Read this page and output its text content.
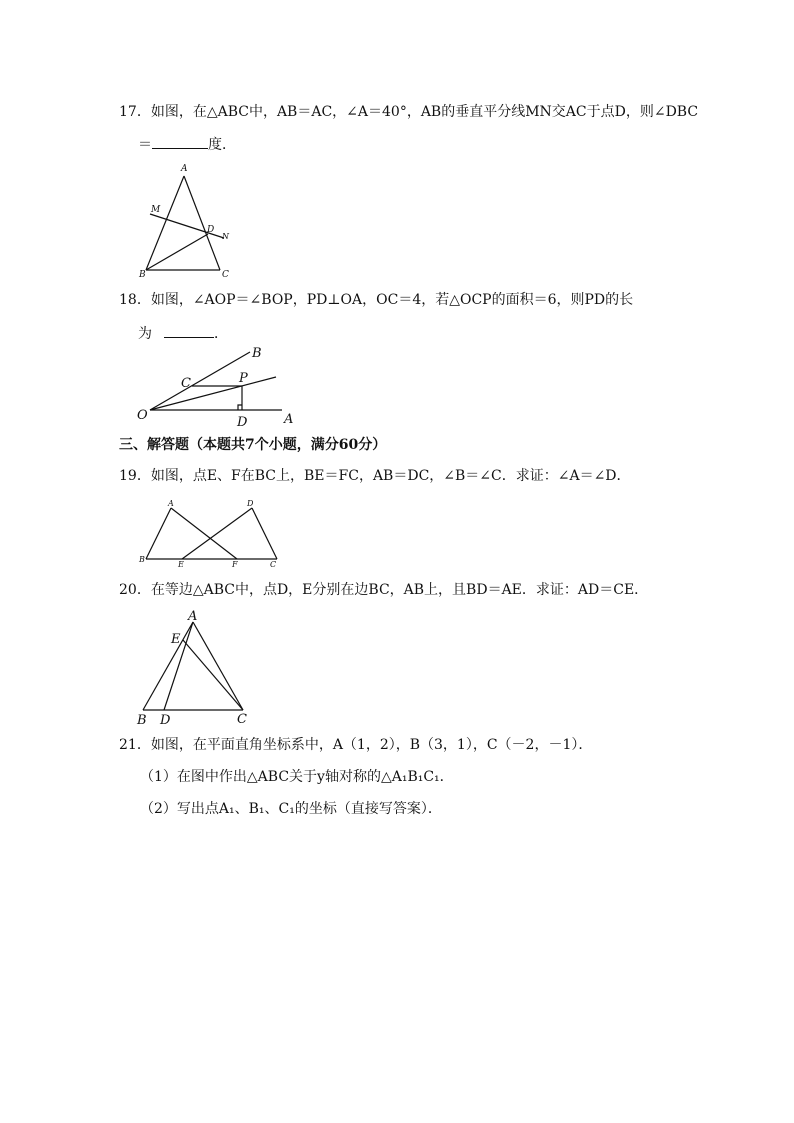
17．如图，在△ABC中，AB＝AC，∠A＝40°，AB的垂直平分线MN交AC于点D，则∠DBC
＝	度．
A
B	C
D
M
N
18．如图，∠AOP＝∠BOP，PD⊥OA，OC＝4，若△OCP的面积＝6，则PD的长
为	．
O	A
B
C	P
D
三、解答题（本题共7个小题，满分60分）
19．如图，点E、F在BC上，BE＝FC，AB＝DC，∠B＝∠C．求证：∠A＝∠D．
A	D
B
C
E	F
20．在等边△ABC中，点D，E分别在边BC，AB上，且BD＝AE．求证：AD＝CE．
A
E
B D	C
21．如图，在平面直角坐标系中，A（1，2），B（3，1），C（－2，－1）．
（1）在图中作出△ABC关于y轴对称的△A₁B₁C₁．
（2）写出点A₁、B₁、C₁的坐标（直接写答案）．
